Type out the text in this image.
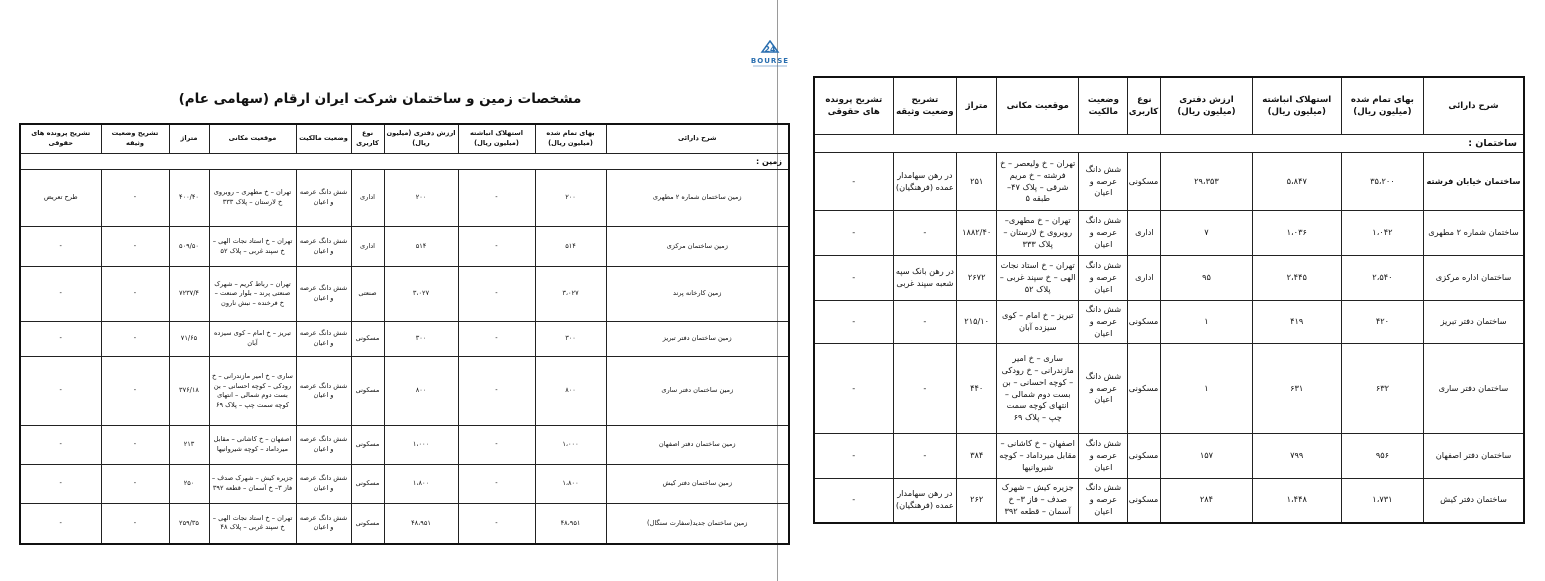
24
BOURSE
مشخصات زمین و ساختمان شرکت ایران ارقام (سهامی عام)
شرح دارائی	بهای تمام شده (میلیون ریال)	استهلاک انباشته (میلیون ریال)	ارزش دفتری (میلیون ریال)	نوع کاربری	وضعیت مالکیت	موقعیت مکانی	متراژ	تشریح وضعیت وثیقه	تشریح پرونده های حقوقی
زمین :									
زمین ساختمان شماره ۲ مطهری	۲۰۰	-	۲۰۰	اداری	شش دانگ عرصه و اعیان	تهران – خ مطهری – روبروی خ لارستان – پلاک ۳۳۳	۴۰۰/۴۰	-	طرح تعریض
زمین ساختمان مرکزی	۵۱۴	-	۵۱۴	اداری	شش دانگ عرصه و اعیان	تهران – خ استاد نجات الهی – خ سپند غربی – پلاک ۵۲	۵۰۹/۵۰	-	-
زمین کارخانه پرند	۳،۰۲۷	-	۳،۰۲۷	صنعتی	شش دانگ عرصه و اعیان	تهران – رباط کریم – شهرک صنعتی پرند – بلوار صنعت – خ فرخنده – نبش نارون	۷۲۳۷/۴	-	-
زمین ساختمان دفتر تبریز	۳۰۰	-	۳۰۰	مسکونی	شش دانگ عرصه و اعیان	تبریز – خ امام – کوی سیزده آبان	۷۱/۶۵	-	-
زمین ساختمان دفتر ساری	۸۰۰	-	۸۰۰	مسکونی	شش دانگ عرصه و اعیان	ساری – خ امیر مازندرانی – خ رودکی – کوچه احسانی – بن بست دوم شمالی – انتهای کوچه سمت چپ – پلاک ۶۹	۳۷۶/۱۸	-	-
زمین ساختمان دفتر اصفهان	۱،۰۰۰	-	۱،۰۰۰	مسکونی	شش دانگ عرصه و اعیان	اصفهان – خ کاشانی – مقابل میرداماد – کوچه شیروانیها	۲۱۳	-	-
زمین ساختمان دفتر کیش	۱،۸۰۰	-	۱،۸۰۰	مسکونی	شش دانگ عرصه و اعیان	جزیره کیش – شهرک صدف – فاز ۳– خ آسمان – قطعه ۳۹۲	۲۵۰	-	-
زمین ساختمان جدید(سفارت سنگال)	۴۸،۹۵۱	-	۴۸،۹۵۱	مسکونی	شش دانگ عرصه و اعیان	تهران – خ استاد نجات الهی – خ سپند غربی – پلاک ۴۸	۲۵۹/۳۵	-	-
شرح دارائی	بهای تمام شده (میلیون ریال)	استهلاک انباشته (میلیون ریال)	ارزش دفتری (میلیون ریال)	نوع کاربری	وضعیت مالکیت	موقعیت مکانی	متراژ	تشریح وضعیت وثیقه	تشریح پرونده های حقوقی
ساختمان :									
ساختمان خیابان فرشته	۳۵،۲۰۰	۵،۸۴۷	۲۹،۳۵۳	مسکونی	شش دانگ عرصه و اعیان	تهران – خ ولیعصر – خ فرشته – خ مریم شرقی – پلاک ۴۷– طبقه ۵	۲۵۱	در رهن سهامدار عمده (فرهنگیان)	-
ساختمان شماره ۲ مطهری	۱،۰۴۲	۱،۰۳۶	۷	اداری	شش دانگ عرصه و اعیان	تهران – خ مطهری– روبروی خ لارستان – پلاک ۳۳۳	۱۸۸۲/۴۰	-	-
ساختمان اداره مرکزی	۲،۵۴۰	۲،۴۴۵	۹۵	اداری	شش دانگ عرصه و اعیان	تهران – خ استاد نجات الهی – خ سپند غربی – پلاک ۵۲	۲۶۷۲	در رهن بانک سپه شعبه سپند غربی	-
ساختمان دفتر تبریز	۴۲۰	۴۱۹	۱	مسکونی	شش دانگ عرصه و اعیان	تبریز – خ امام – کوی سیزده آبان	۲۱۵/۱۰	-	-
ساختمان دفتر ساری	۶۳۲	۶۳۱	۱	مسکونی	شش دانگ عرصه و اعیان	ساری – خ امیر مازندرانی – خ رودکی – کوچه احسانی – بن بست دوم شمالی – انتهای کوچه سمت چپ – پلاک ۶۹	۴۴۰	-	-
ساختمان دفتر اصفهان	۹۵۶	۷۹۹	۱۵۷	مسکونی	شش دانگ عرصه و اعیان	اصفهان – خ کاشانی – مقابل میرداماد – کوچه شیروانیها	۳۸۴	-	-
ساختمان دفتر کیش	۱،۷۳۱	۱،۴۴۸	۲۸۴	مسکونی	شش دانگ عرصه و اعیان	جزیره کیش – شهرک صدف – فاز ۳– خ آسمان – قطعه ۳۹۲	۲۶۲	در رهن سهامدار عمده (فرهنگیان)	-
